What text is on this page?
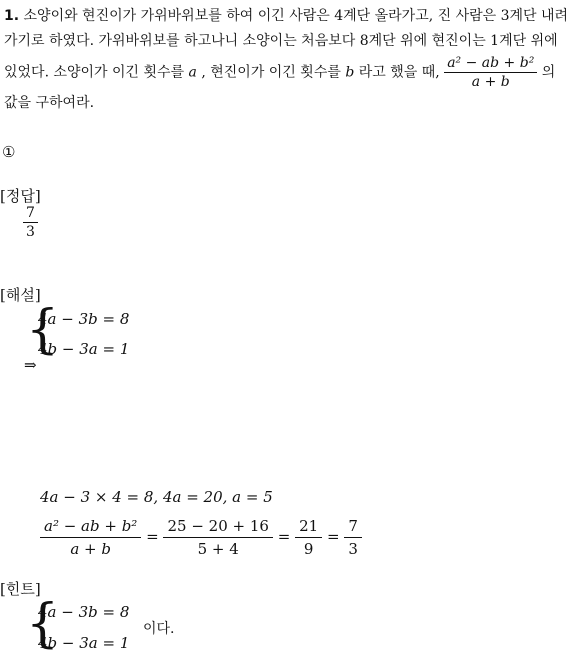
1. 소양이와 현진이가 가위바위보를 하여 이긴 사람은 4계단 올라가고, 진 사람은 3계단 내려가기로 하였다. 가위바위보를 하고나니 소양이는 처음보다 8계단 위에 현진이는 1계단 위에 있었다. 소양이가 이긴 횟수를 a , 현진이가 이긴 횟수를 b 라고 했을 때, $\frac{\text{a² − ab + b²}}{a + b}$ 의 값을 구하여라.
①
[정답]
$\frac{7}{3}$
[해설]
{
4a − 3b = 8
4b − 3a = 1
⇒
4a − 3 × 4 = 8, 4a = 20, a = 5
$\frac{\text{a² − ab + b²}}{a + b} = \frac{25 - 20 + 16}{5 + 4} = \frac{21}{9} = \frac{7}{3}$
[힌트]
{
4a − 3b = 8
4b − 3a = 1
이다.
